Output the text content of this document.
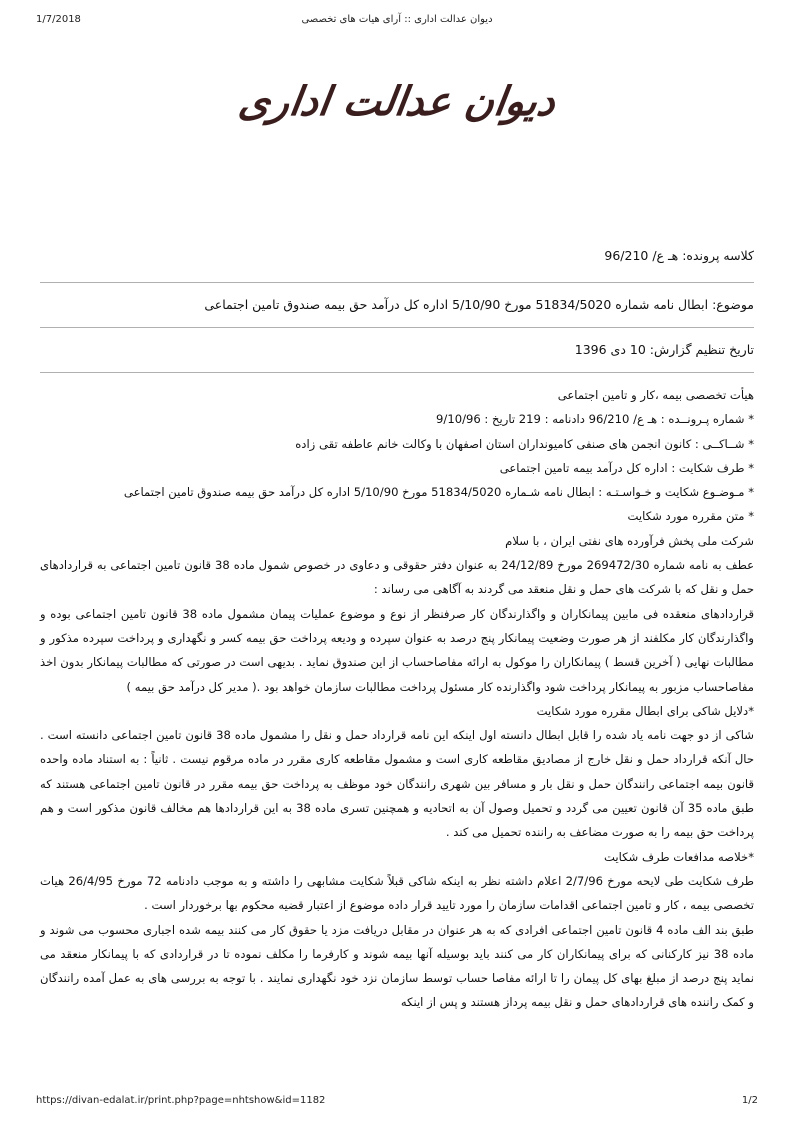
1/7/2018	دیوان عدالت اداری :: آرای هیات های تخصصی
دیوان عدالت اداری
کلاسه پرونده: هـ ع/ 96/210
موضوع: ابطال نامه شماره 51834/5020 مورخ 5/10/90 اداره کل درآمد حق بیمه صندوق تامین اجتماعی
تاریخ تنظیم گزارش: 10 دی 1396

هیأت تخصصی بیمه ،کار و تامین اجتماعی

* شماره پـرونــده : هـ ع/ 96/210 دادنامه : 219 تاریخ : 9/10/96

* شــاکــی : کانون انجمن های صنفی کامیونداران استان اصفهان با وکالت خانم عاطفه تقی زاده

* طرف شکایت : اداره کل درآمد بیمه تامین اجتماعی

* مـوضـوع شکایت و خـواسـتـه : ابطال نامه شـماره 51834/5020 مورخ 5/10/90 اداره کل درآمد حق بیمه صندوق تامین اجتماعی

* متن مقرره مورد شکایت

شرکت ملی پخش فرآورده های نفتی ایران ، با سلام

عطف به نامه شماره 269472/30 مورخ 24/12/89 به عنوان دفتر حقوقی و دعاوی در خصوص شمول ماده 38 قانون تامین اجتماعی به قراردادهای حمل و نقل که با شرکت های حمل و نقل منعقد می گردند به آگاهی می رساند :

قراردادهای منعقده فی مابین پیمانکاران و واگذارندگان کار صرفنظر از نوع و موضوع عملیات پیمان مشمول ماده 38 قانون تامین اجتماعی بوده و واگذارندگان کار مکلفند از هر صورت وضعیت پیمانکار پنج درصد به عنوان سپرده و ودیعه پرداخت حق بیمه کسر و نگهداری و پرداخت سپرده مذکور و مطالبات نهایی ( آخرین قسط ) پیمانکاران را موکول به ارائه مفاصاحساب از این صندوق نماید . بدیهی است در صورتی که مطالبات پیمانکار بدون اخذ مفاصاحساب مزبور به پیمانکار پرداخت شود واگذارنده کار مسئول پرداخت مطالبات سازمان خواهد بود .( مدیر کل درآمد حق بیمه )

*دلایل شاکی برای ابطال مقرره مورد شکایت

شاکی از دو جهت نامه یاد شده را قابل ابطال دانسته اول اینکه این نامه قرارداد حمل و نقل را مشمول ماده 38 قانون تامین اجتماعی دانسته است . حال آنکه قرارداد حمل و نقل خارج از مصادیق مقاطعه کاری است و مشمول مقاطعه کاری مقرر در ماده مرقوم نیست . ثانیاً : به استناد ماده واحده قانون بیمه اجتماعی رانندگان حمل و نقل بار و مسافر بین شهری رانندگان خود موظف به پرداخت حق بیمه مقرر در قانون تامین اجتماعی هستند که طبق ماده 35 آن قانون تعیین می گردد و تحمیل وصول آن به اتحادیه و همچنین تسری ماده 38 به این قراردادها هم مخالف قانون مذکور است و هم پرداخت حق بیمه را به صورت مضاعف به راننده تحمیل می کند .

*خلاصه مدافعات طرف شکایت

طرف شکایت طی لایحه مورخ 2/7/96 اعلام داشته نظر به اینکه شاکی قبلاً شکایت مشابهی را داشته و به موجب دادنامه 72 مورخ 26/4/95 هیات تخصصی بیمه ، کار و تامین اجتماعی اقدامات سازمان را مورد تایید قرار داده موضوع از اعتبار قضیه محکوم بها برخوردار است .

طبق بند الف ماده 4 قانون تامین اجتماعی افرادی که به هر عنوان در مقابل دریافت مزد یا حقوق کار می کنند بیمه شده اجباری محسوب می شوند و ماده 38 نیز کارکنانی که برای پیمانکاران کار می کنند باید بوسیله آنها بیمه شوند و کارفرما را مکلف نموده تا در قراردادی که با پیمانکار منعقد می نماید پنج درصد از مبلغ بهای کل پیمان را تا ارائه مفاصا حساب توسط سازمان نزد خود نگهداری نمایند . با توجه به بررسی های به عمل آمده رانندگان و کمک راننده های قراردادهای حمل و نقل بیمه پرداز هستند و پس از اینکه

https://divan-edalat.ir/print.php?page=nhtshow&id=1182	1/2
